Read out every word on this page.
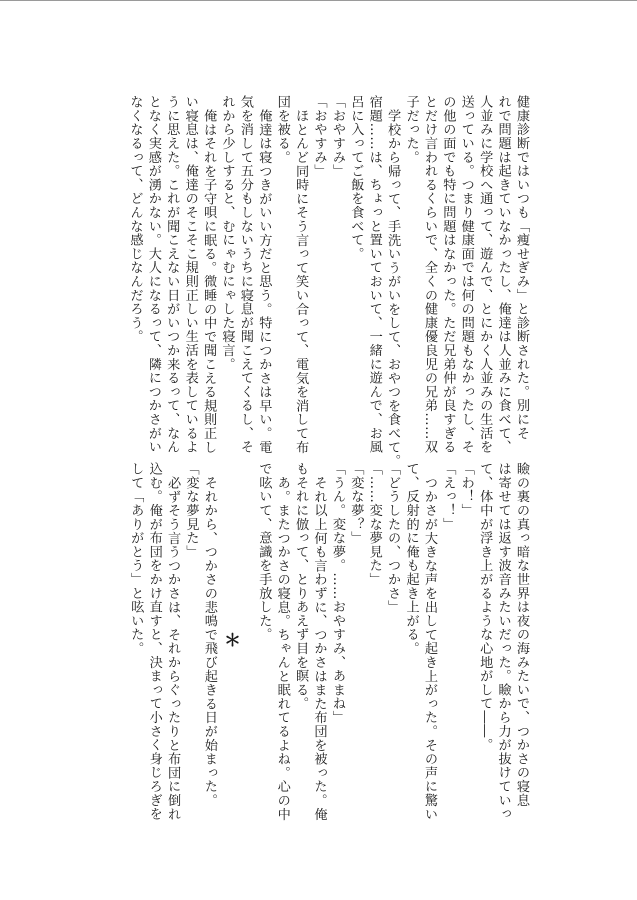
健康診断ではいつも「痩せぎみ」と診断された。別にそ

れで問題は起きていなかったし、俺達は人並みに食べて、

人並みに学校へ通って、遊んで、とにかく人並みの生活を

送っている。つまり健康面では何の問題もなかったし、そ

の他の面でも特に問題はなかった。ただ兄弟仲が良すぎる

とだけ言われるくらいで、全くの健康優良児の兄弟……双

子だった。

学校から帰って、手洗いうがいをして、おやつを食べて。

宿題……は、ちょっと置いておいて、一緒に遊んで、お風

呂に入ってご飯を食べて。

「おやすみ」

「おやすみ」

ほとんど同時にそう言って笑い合って、電気を消して布

団を被る。

俺達は寝つきがいい方だと思う。特につかさは早い。電

気を消して五分もしないうちに寝息が聞こえてくるし、そ

れから少しすると、むにゃむにゃした寝言。

俺はそれを子守唄に眠る。微睡の中で聞こえる規則正し

い寝息は、俺達のそこそこ規則正しい生活を表しているよ

うに思えた。これが聞こえない日がいつか来るって、なん

となく実感が湧かない。大人になるって、隣につかさがい

なくなるって、どんな感じなんだろう。

瞼の裏の真っ暗な世界は夜の海みたいで、つかさの寝息

は寄せては返す波音みたいだった。瞼から力が抜けていっ

て、体中が浮き上がるような心地がして――。

「わ！」

「えっ！」

つかさが大きな声を出して起き上がった。その声に驚い

て、反射的に俺も起き上がる。

「どうしたの、つかさ」

「……変な夢見た」

「変な夢？」

「うん。変な夢。……おやすみ、あまね」

それ以上何も言わずに、つかさはまた布団を被った。俺

もそれに倣って、とりあえず目を瞑る。

あ。またつかさの寝息。ちゃんと眠れてるよね。心の中

で呟いて、意識を手放した。

それから、つかさの悲鳴で飛び起きる日が始まった。

「変な夢見た」

必ずそう言うつかさは、それからぐったりと布団に倒れ

込む。俺が布団をかけ直すと、決まって小さく身じろぎを

して「ありがとう」と呟いた。	＊
